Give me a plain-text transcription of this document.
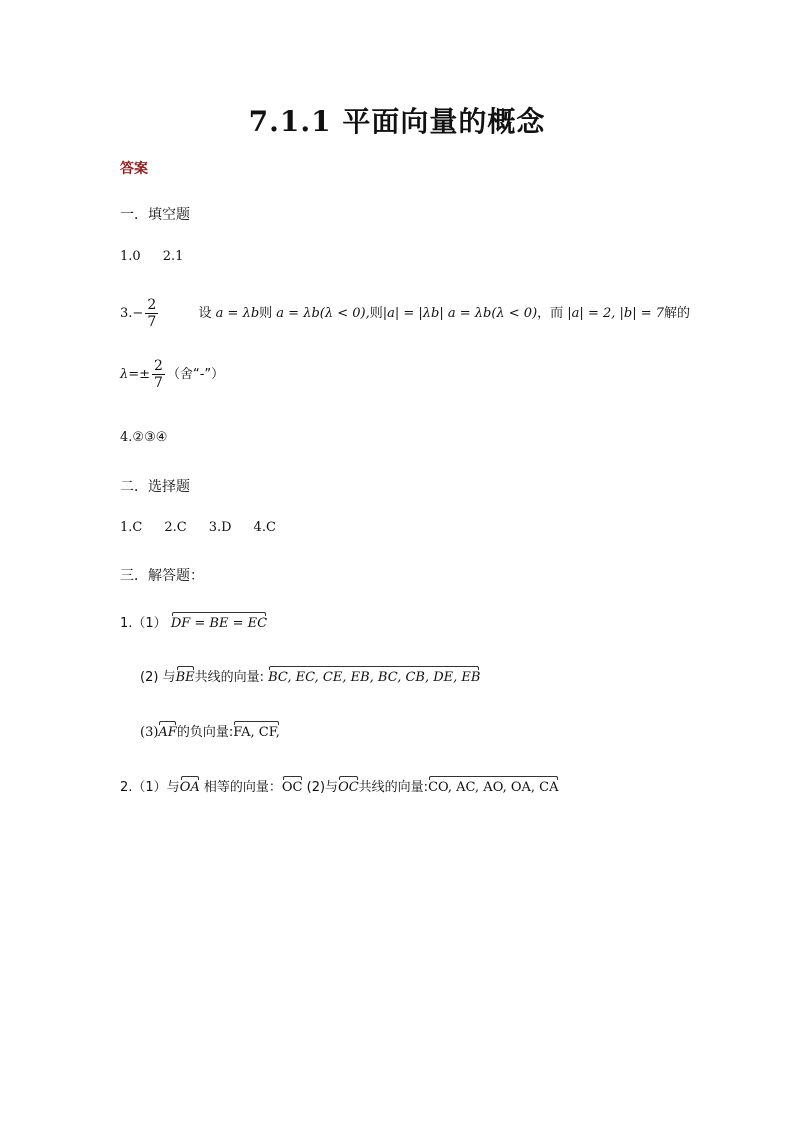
7.1.1 平面向量的概念
答案
一．填空题
1.0 2.1
$3.- \frac{2}{7}$	设 a = λb则 a = λb(λ < 0),则|a| = |λb| a = λb(λ < 0)，而 |a| = 2, |b| = 7解的
$\lambda=\pm \frac{2}{7}$ （舍“-”）
4.②③④
二．选择题
1.C 2.C 3.D 4.C
三．解答题：
1.（1） DF = BE = EC
(2) 与BE共线的向量: BC, EC, CE, EB, BC, CB, DE, EB
(3)AF的负向量:FA, CF,
2.（1）与OA 相等的向量：OC (2)与OC共线的向量:CO, AC, AO, OA, CA
